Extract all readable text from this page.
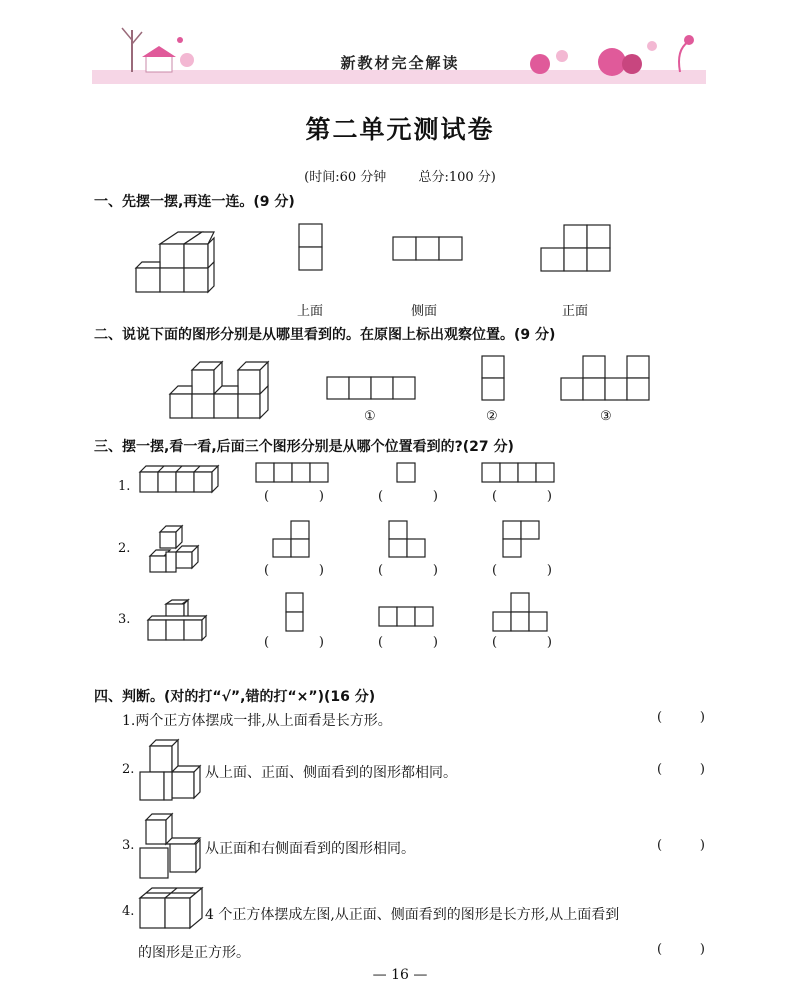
新教材完全解读
第二单元测试卷
(时间:60 分钟 总分:100 分)
一、先摆一摆,再连一连。(9 分)
上面	侧面	正面
二、说说下面的图形分别是从哪里看到的。在原图上标出观察位置。(9 分)
①	②	③
三、摆一摆,看一看,后面三个图形分别是从哪个位置看到的?(27 分)
1.
(	)	(	)	(	)
2.
(	)	(	)	(	)
3.
(	)	(	)	(	)
四、判断。(对的打“√”,错的打“×”)(16 分)
1.两个正方体摆成一排,从上面看是长方形。	(	)
2.	从上面、正面、侧面看到的图形都相同。	(	)
3.	从正面和右侧面看到的图形相同。	(	)
4.	4 个正方体摆成左图,从正面、侧面看到的图形是长方形,从上面看到
的图形是正方形。	(	)
— 16 —
